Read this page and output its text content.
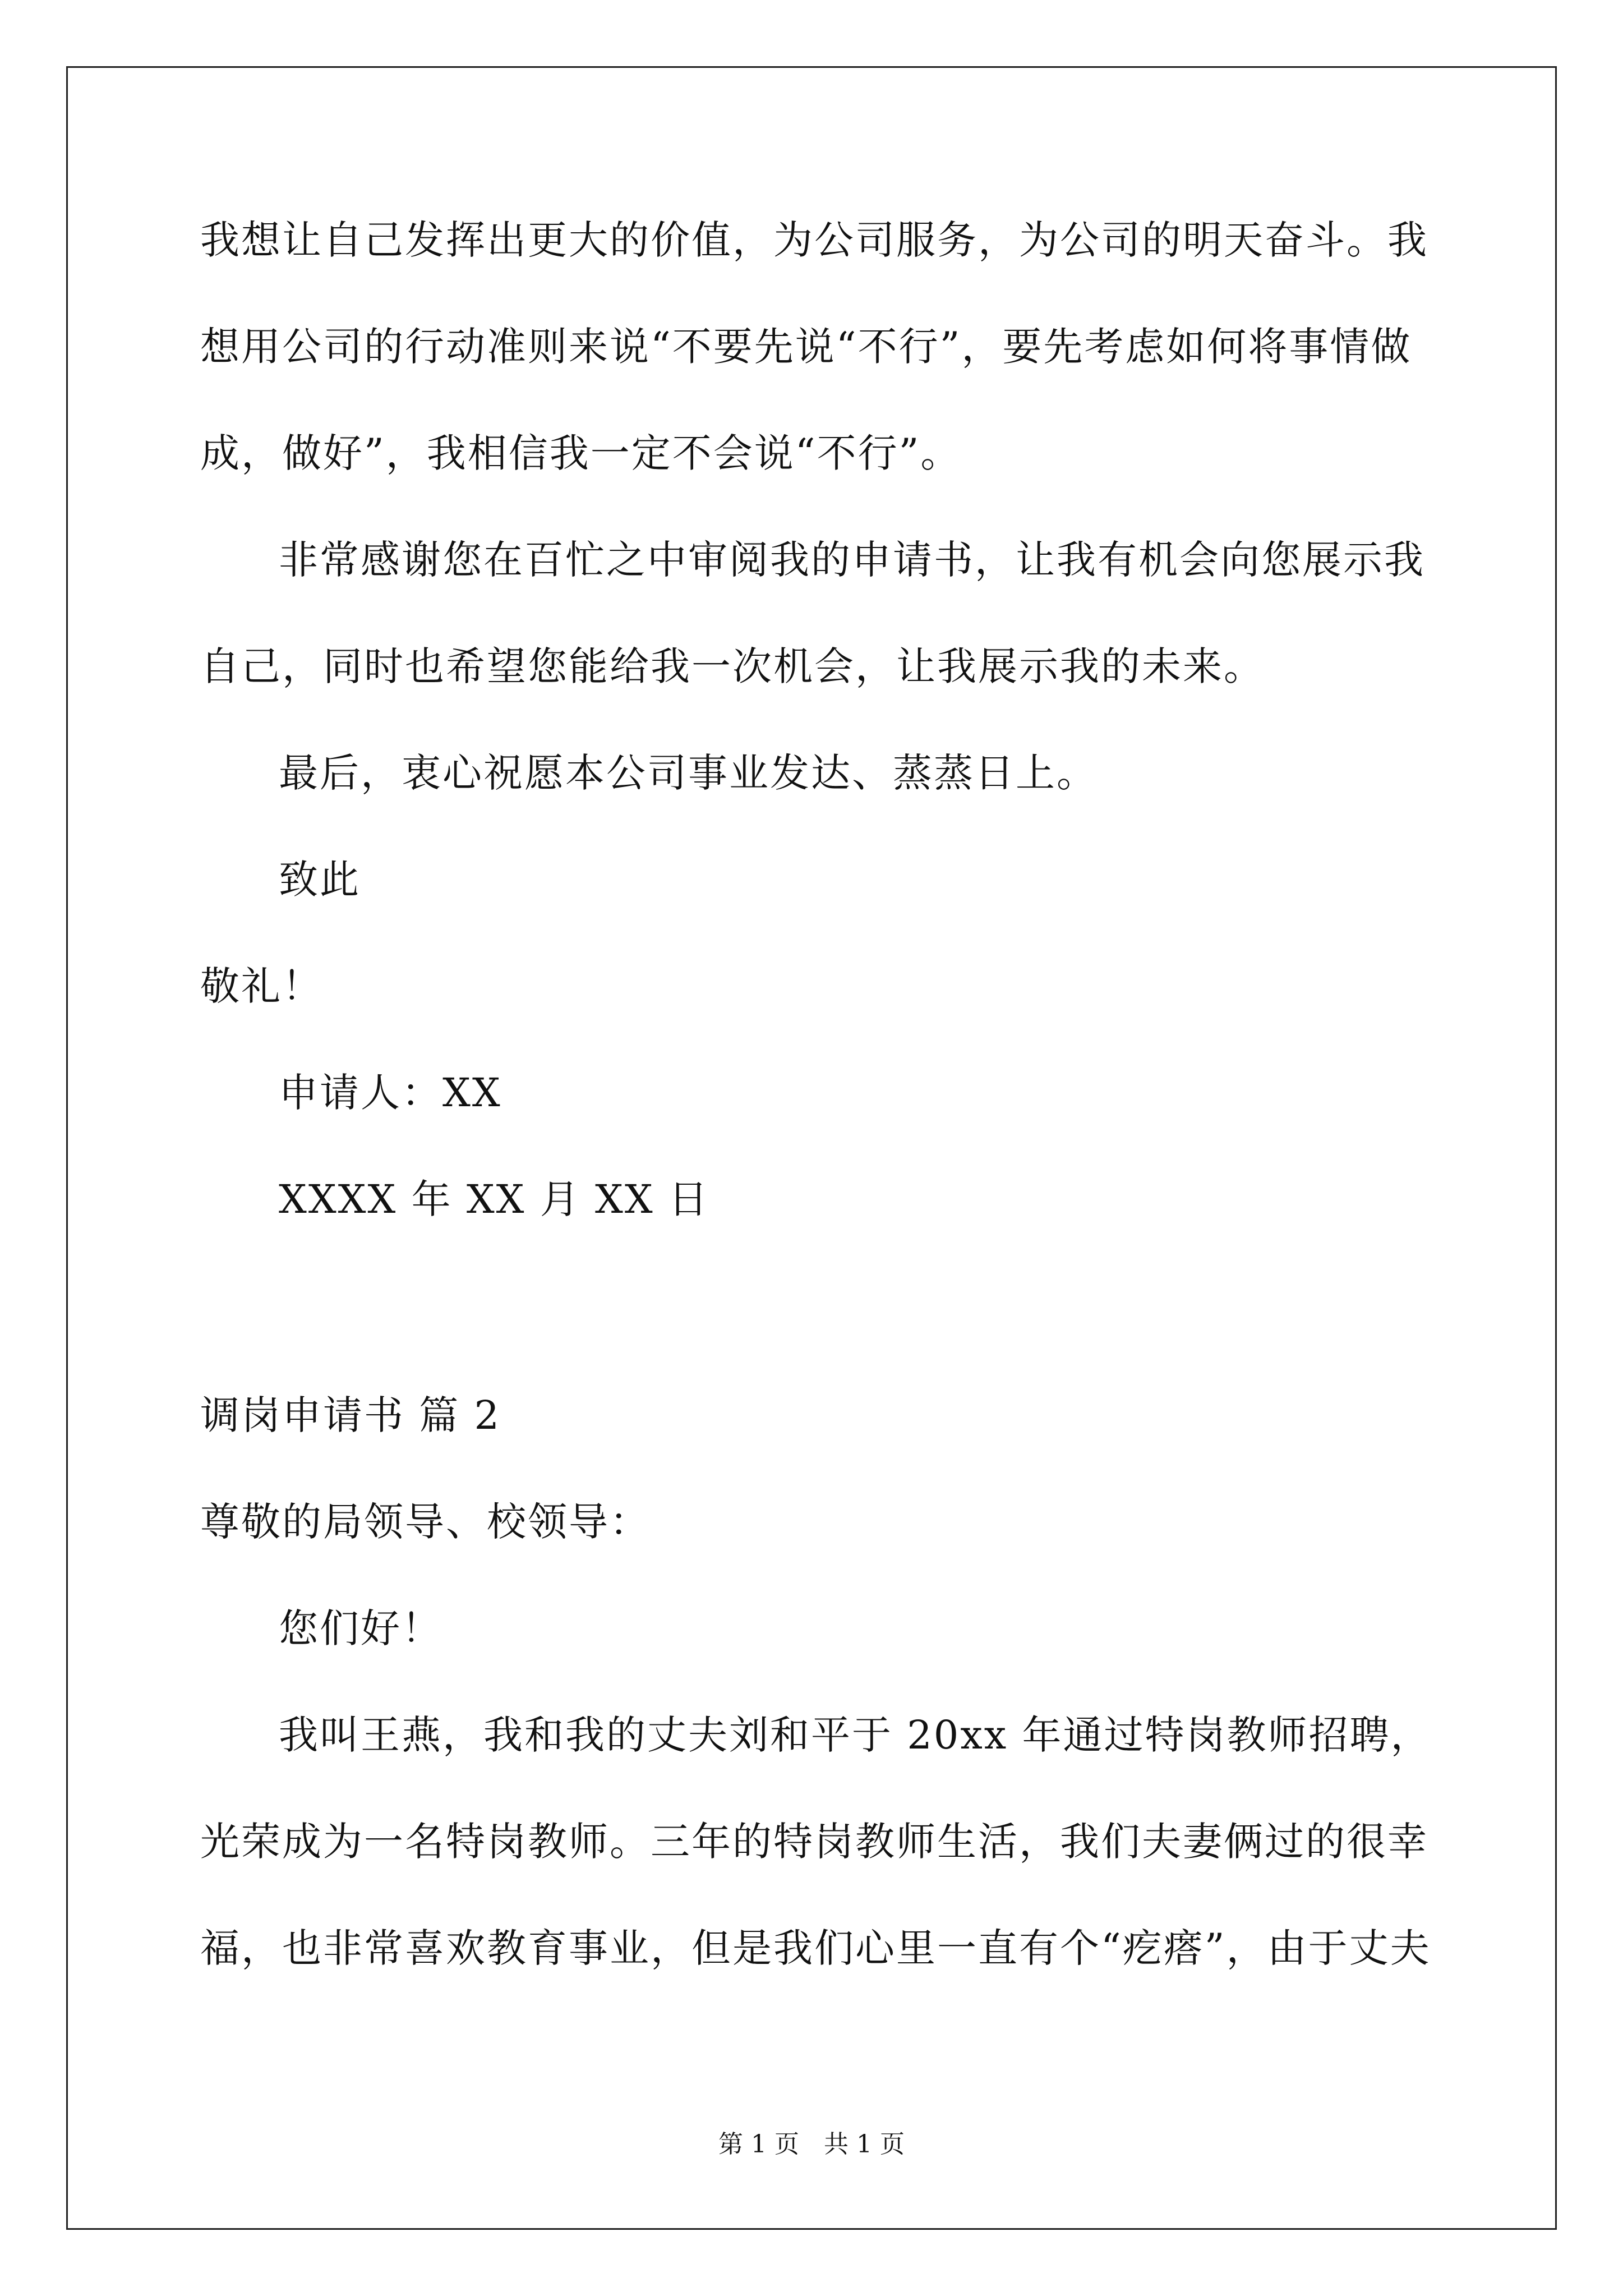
我想让自己发挥出更大的价值，为公司服务，为公司的明天奋斗。我
想用公司的行动准则来说“不要先说“不行”，要先考虑如何将事情做
成，做好”，我相信我一定不会说“不行”。
非常感谢您在百忙之中审阅我的申请书，让我有机会向您展示我
自己，同时也希望您能给我一次机会，让我展示我的未来。
最后，衷心祝愿本公司事业发达、蒸蒸日上。
致此
敬礼！
申请人：XX
XXXX 年 XX 月 XX 日
调岗申请书 篇 2
尊敬的局领导、校领导：
您们好！
我叫王燕，我和我的丈夫刘和平于 20xx 年通过特岗教师招聘，
光荣成为一名特岗教师。三年的特岗教师生活，我们夫妻俩过的很幸
福，也非常喜欢教育事业，但是我们心里一直有个“疙瘩”，由于丈夫
第 1 页　共 1 页
